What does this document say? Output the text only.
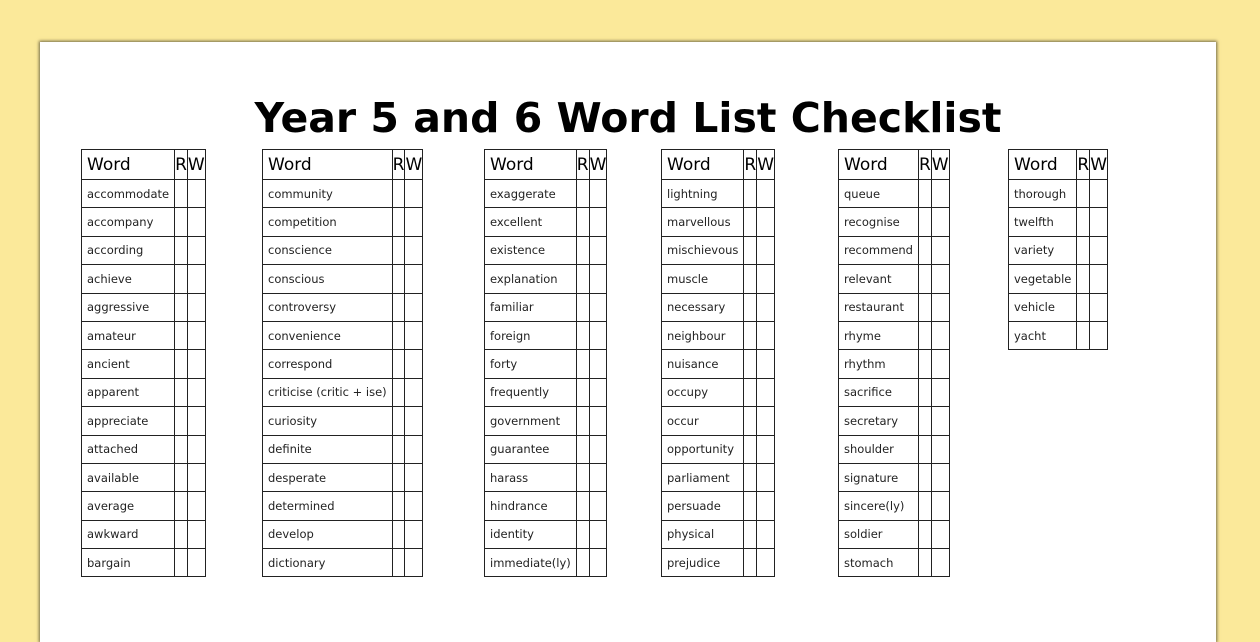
Year 5 and 6 Word List Checklist
Word	R	W
accommodate		
accompany		
according		
achieve		
aggressive		
amateur		
ancient		
apparent		
appreciate		
attached		
available		
average		
awkward		
bargain		
Word	R	W
community		
competition		
conscience		
conscious		
controversy		
convenience		
correspond		
criticise (critic + ise)		
curiosity		
definite		
desperate		
determined		
develop		
dictionary		
Word	R	W
exaggerate		
excellent		
existence		
explanation		
familiar		
foreign		
forty		
frequently		
government		
guarantee		
harass		
hindrance		
identity		
immediate(ly)		
Word	R	W
lightning		
marvellous		
mischievous		
muscle		
necessary		
neighbour		
nuisance		
occupy		
occur		
opportunity		
parliament		
persuade		
physical		
prejudice		
Word	R	W
queue		
recognise		
recommend		
relevant		
restaurant		
rhyme		
rhythm		
sacrifice		
secretary		
shoulder		
signature		
sincere(ly)		
soldier		
stomach		
Word	R	W
thorough		
twelfth		
variety		
vegetable		
vehicle		
yacht		
